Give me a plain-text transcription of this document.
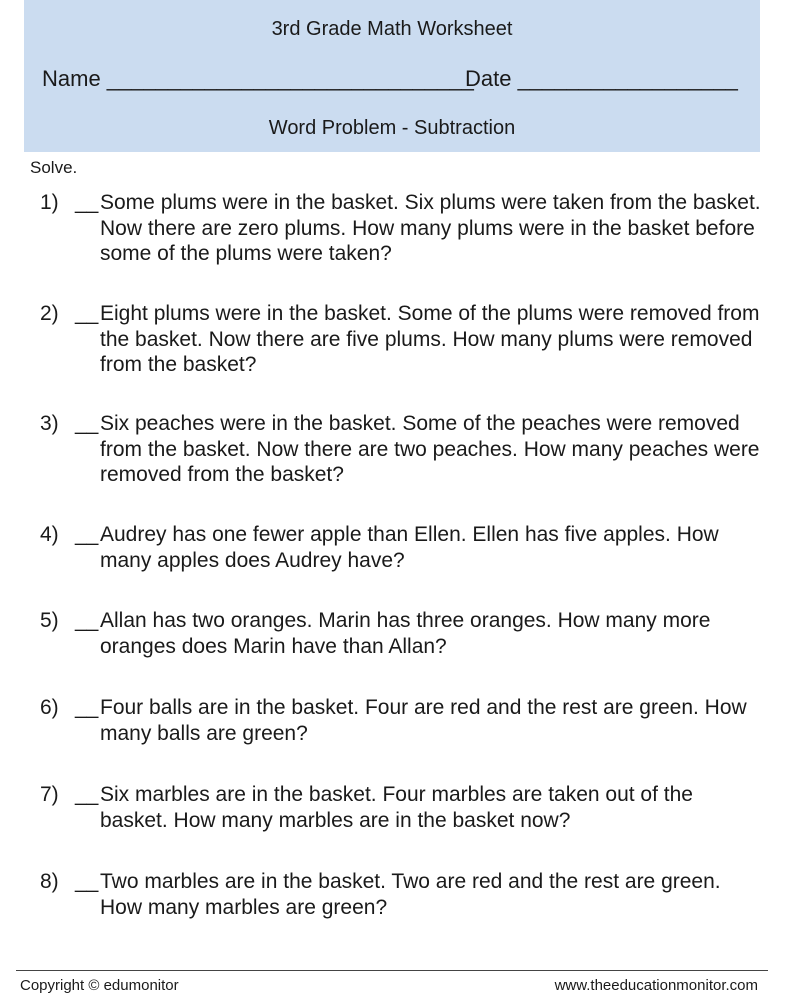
3rd Grade Math Worksheet
Name ______________________________
Date __________________
Word Problem - Subtraction
Solve.
1) __ Some plums were in the basket. Six plums were taken from the basket. Now there are zero plums. How many plums were in the basket before some of the plums were taken?
2) __ Eight plums were in the basket. Some of the plums were removed from the basket. Now there are five plums. How many plums were removed from the basket?
3) __ Six peaches were in the basket. Some of the peaches were removed from the basket. Now there are two peaches. How many peaches were removed from the basket?
4) __ Audrey has one fewer apple than Ellen. Ellen has five apples. How many apples does Audrey have?
5) __ Allan has two oranges. Marin has three oranges. How many more oranges does Marin have than Allan?
6) __ Four balls are in the basket. Four are red and the rest are green. How many balls are green?
7) __ Six marbles are in the basket. Four marbles are taken out of the basket. How many marbles are in the basket now?
8) __ Two marbles are in the basket. Two are red and the rest are green. How many marbles are green?
Copyright © edumonitor	www.theeducationmonitor.com
